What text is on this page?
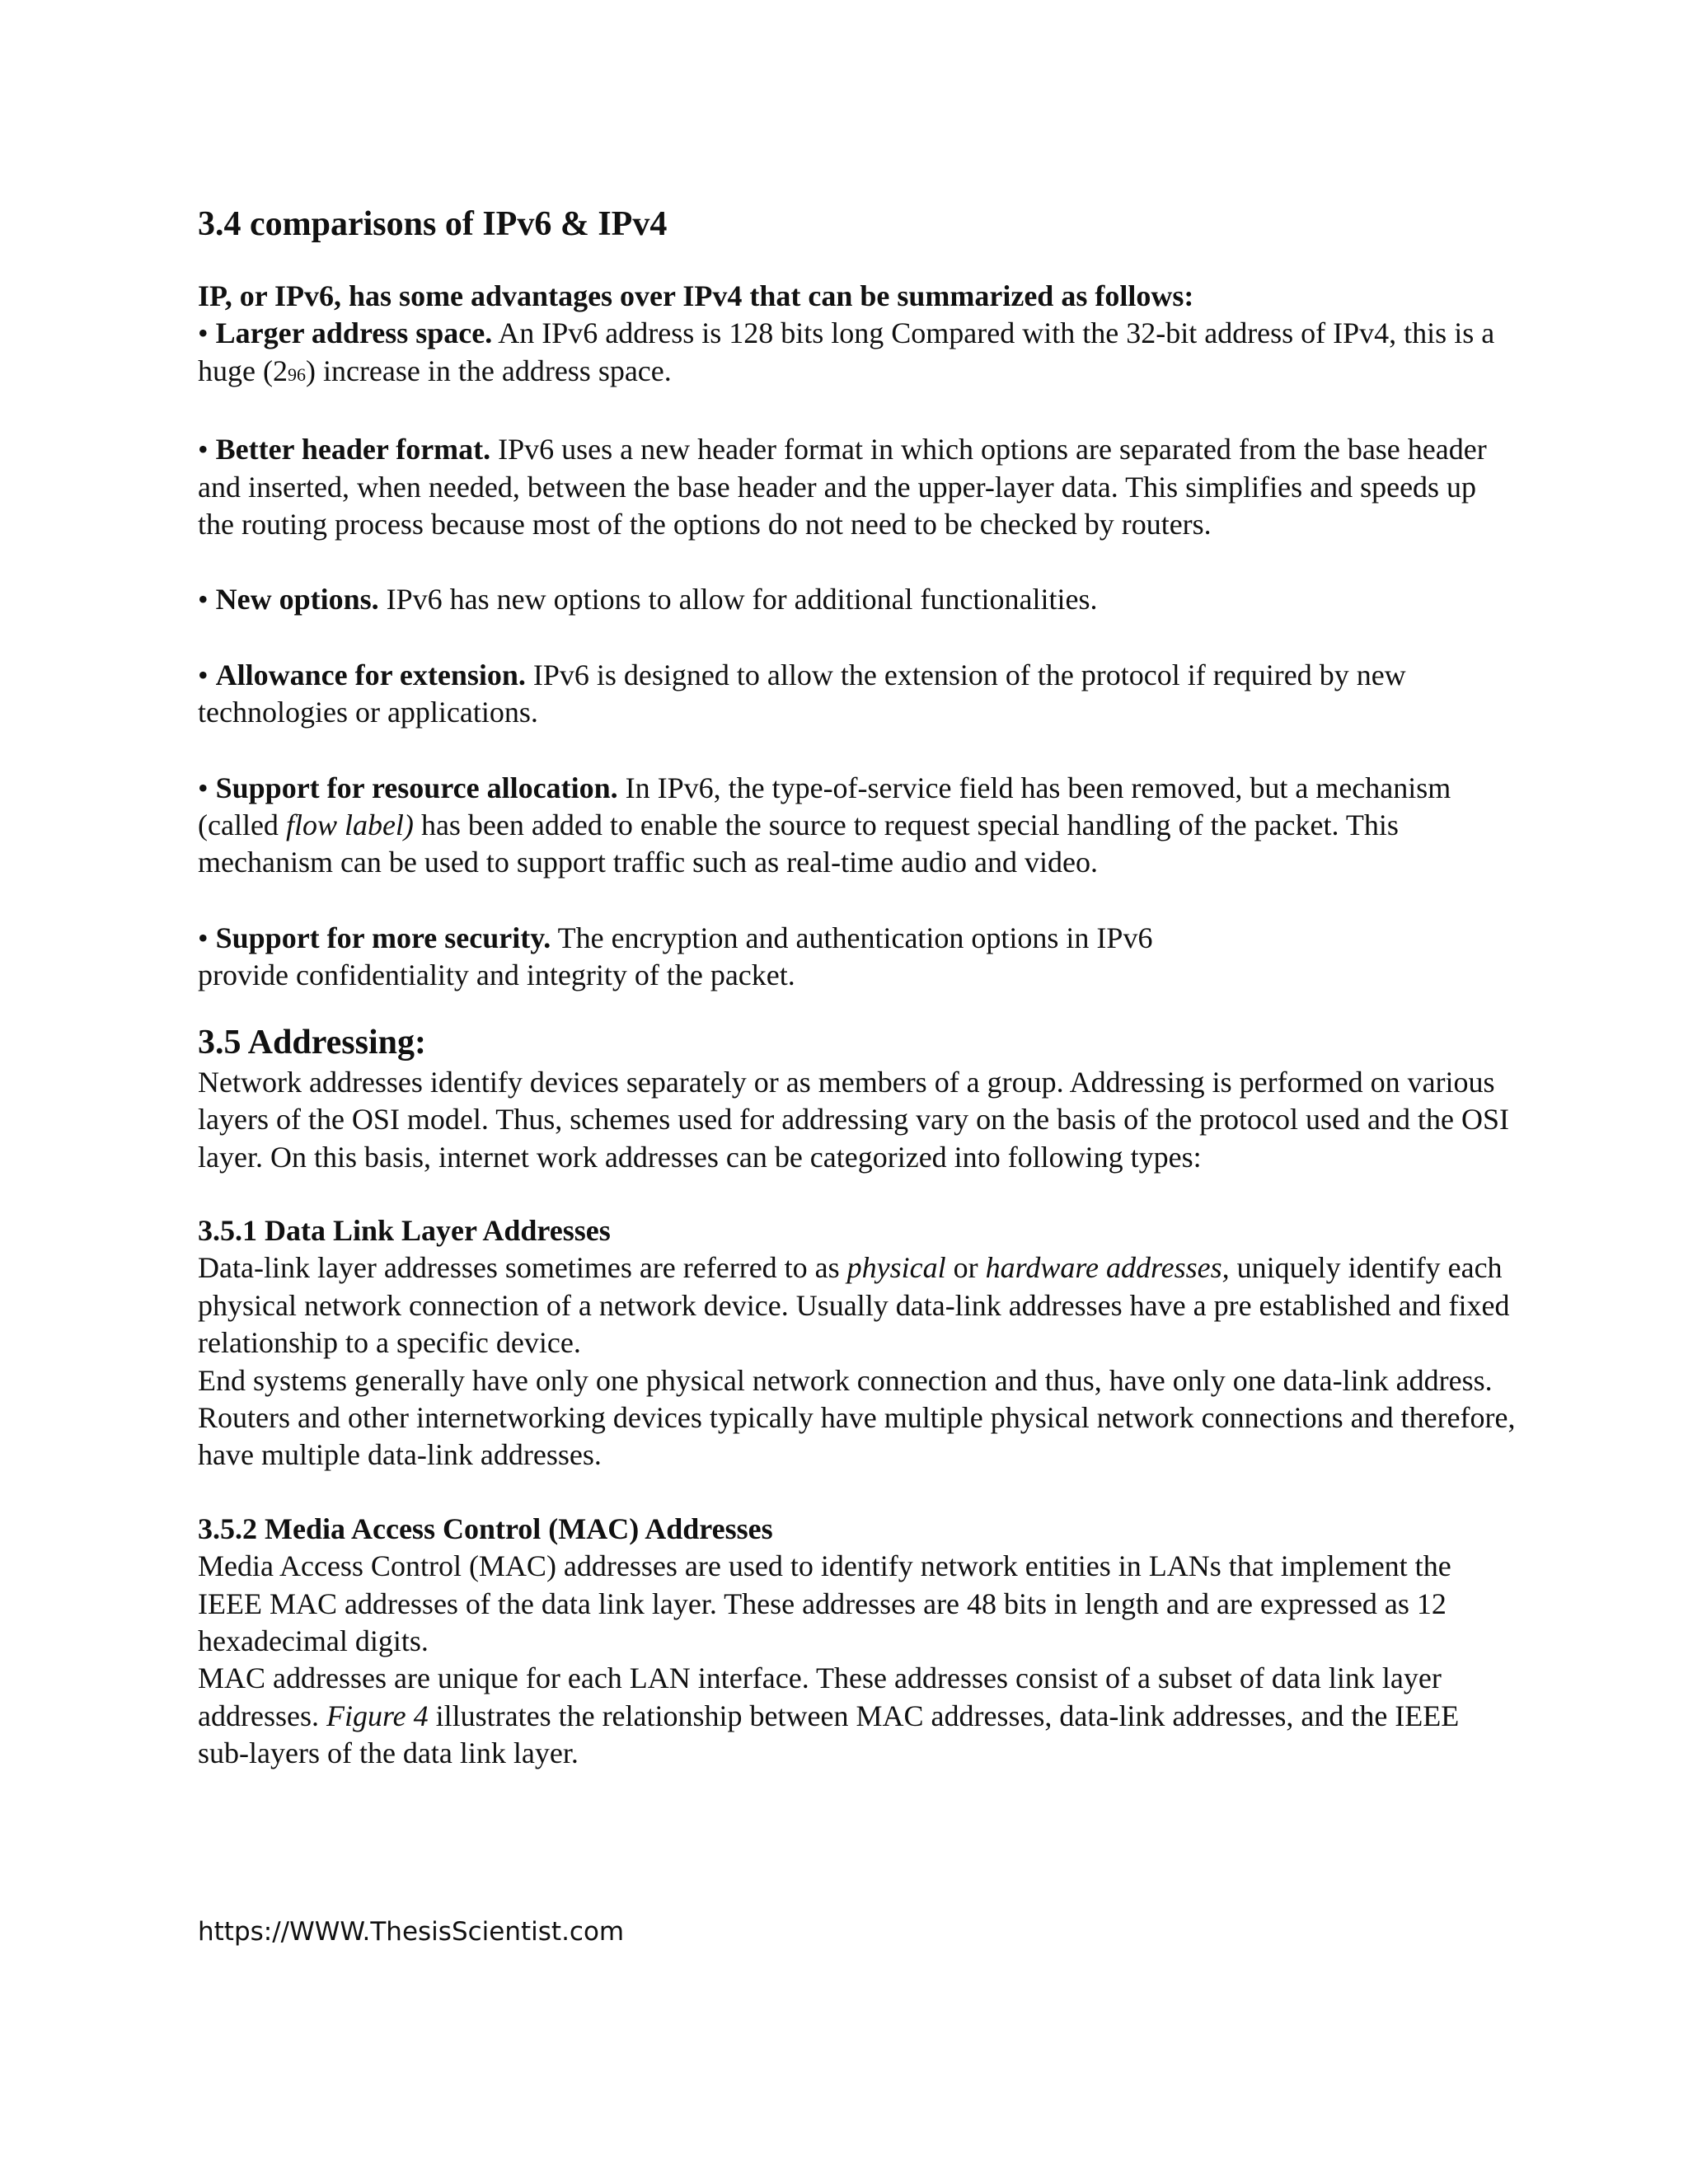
3.4 comparisons of IPv6 & IPv4
IP, or IPv6, has some advantages over IPv4 that can be summarized as follows:

• Larger address space. An IPv6 address is 128 bits long Compared with the 32-bit address of IPv4, this is a huge (296) increase in the address space.

• Better header format. IPv6 uses a new header format in which options are separated from the base header and inserted, when needed, between the base header and the upper-layer data. This simplifies and speeds up the routing process because most of the options do not need to be checked by routers.

• New options. IPv6 has new options to allow for additional functionalities.

• Allowance for extension. IPv6 is designed to allow the extension of the protocol if required by new technologies or applications.

• Support for resource allocation. In IPv6, the type-of-service field has been removed, but a mechanism (called flow label) has been added to enable the source to request special handling of the packet. This mechanism can be used to support traffic such as real-time audio and video.

• Support for more security. The encryption and authentication options in IPv6
provide confidentiality and integrity of the packet.

3.5 Addressing:

Network addresses identify devices separately or as members of a group. Addressing is performed on various layers of the OSI model. Thus, schemes used for addressing vary on the basis of the protocol used and the OSI layer. On this basis, internet work addresses can be categorized into following types:

3.5.1 Data Link Layer Addresses

Data-link layer addresses sometimes are referred to as physical or hardware addresses, uniquely identify each physical network connection of a network device. Usually data-link addresses have a pre established and fixed relationship to a specific device.

End systems generally have only one physical network connection and thus, have only one data-link address. Routers and other internetworking devices typically have multiple physical network connections and therefore, have multiple data-link addresses.

3.5.2 Media Access Control (MAC) Addresses

Media Access Control (MAC) addresses are used to identify network entities in LANs that implement the IEEE MAC addresses of the data link layer. These addresses are 48 bits in length and are expressed as 12 hexadecimal digits.

MAC addresses are unique for each LAN interface. These addresses consist of a subset of data link layer addresses. Figure 4 illustrates the relationship between MAC addresses, data-link addresses, and the IEEE sub-layers of the data link layer.

https://WWW.ThesisScientist.com
